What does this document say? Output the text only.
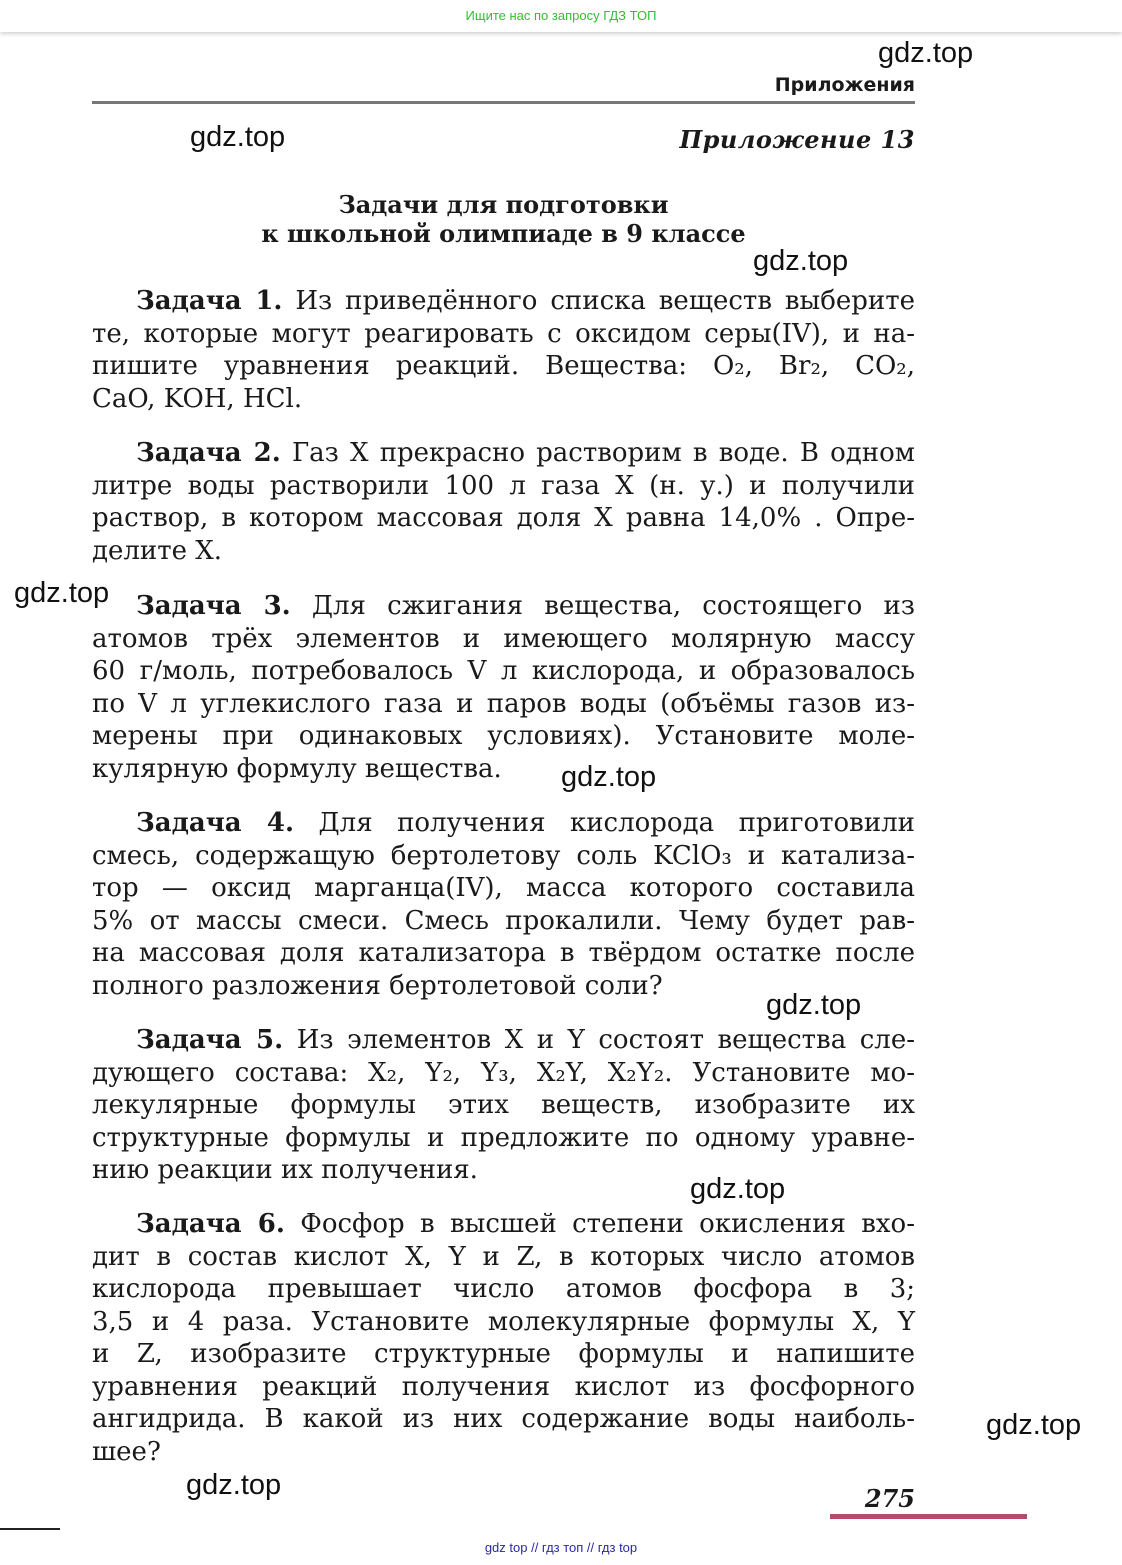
Ищите нас по запросу ГДЗ ТОП
Приложения
Приложение 13
Задачи для подготовки
к школьной олимпиаде в 9 классе
Задача 1. Из приведённого списка веществ выберите
те, которые могут реагировать с оксидом серы(IV), и на-
пишите уравнения реакций. Вещества: O₂, Br₂, CO₂,
CaO, KOH, HCl.
Задача 2. Газ X прекрасно растворим в воде. В одном
литре воды растворили 100 л газа X (н. у.) и получили
раствор, в котором массовая доля X равна 14,0% . Опре-
делите X.
Задача 3. Для сжигания вещества, состоящего из
атомов трёх элементов и имеющего молярную массу
60 г/моль, потребовалось V л кислорода, и образовалось
по V л углекислого газа и паров воды (объёмы газов из-
мерены при одинаковых условиях). Установите моле-
кулярную формулу вещества.
Задача 4. Для получения кислорода приготовили
смесь, содержащую бертолетову соль KClO₃ и катализа-
тор — оксид марганца(IV), масса которого составила
5% от массы смеси. Смесь прокалили. Чему будет рав-
на массовая доля катализатора в твёрдом остатке после
полного разложения бертолетовой соли?
Задача 5. Из элементов X и Y состоят вещества сле-
дующего состава: X₂, Y₂, Y₃, X₂Y, X₂Y₂. Установите мо-
лекулярные формулы этих веществ, изобразите их
структурные формулы и предложите по одному уравне-
нию реакции их получения.
Задача 6. Фосфор в высшей степени окисления вхо-
дит в состав кислот X, Y и Z, в которых число атомов
кислорода превышает число атомов фосфора в 3;
3,5 и 4 раза. Установите молекулярные формулы X, Y
и Z, изобразите структурные формулы и напишите
уравнения реакций получения кислот из фосфорного
ангидрида. В какой из них содержание воды наиболь-
шее?
gdz.top
gdz.top
gdz.top
gdz.top
gdz.top
gdz.top
gdz.top
gdz.top
gdz.top	275
gdz top // гдз топ // гдз top
